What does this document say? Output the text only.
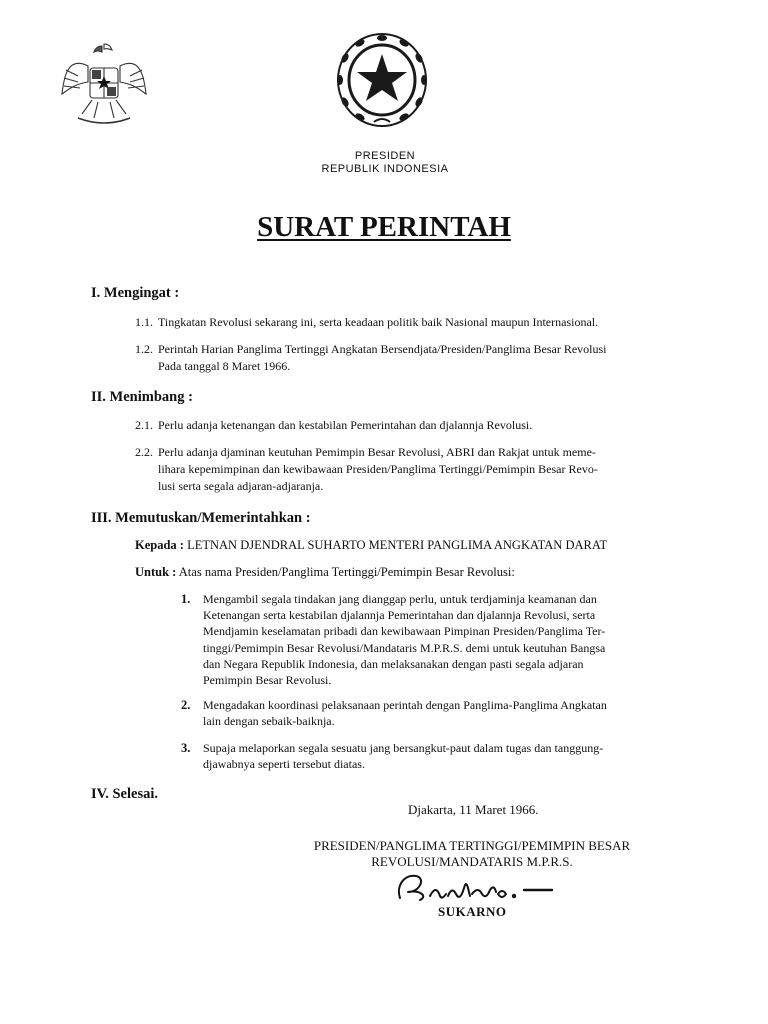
PRESIDEN
REPUBLIK INDONESIA
SURAT PERINTAH
I. Mengingat :
1.1. Tingkatan Revolusi sekarang ini, serta keadaan politik baik Nasional maupun Internasional.
1.2. Perintah Harian Panglima Tertinggi Angkatan Bersendjata/Presiden/Panglima Besar Revolusi
Pada tanggal 8 Maret 1966.
II. Menimbang :
2.1. Perlu adanja ketenangan dan kestabilan Pemerintahan dan djalannja Revolusi.
2.2. Perlu adanja djaminan keutuhan Pemimpin Besar Revolusi, ABRI dan Rakjat untuk meme-
lihara kepemimpinan dan kewibawaan Presiden/Panglima Tertinggi/Pemimpin Besar Revo-
lusi serta segala adjaran-adjaranja.
III. Memutuskan/Memerintahkan :
Kepada : LETNAN DJENDRAL SUHARTO MENTERI PANGLIMA ANGKATAN DARAT
Untuk : Atas nama Presiden/Panglima Tertinggi/Pemimpin Besar Revolusi:
1. Mengambil segala tindakan jang dianggap perlu, untuk terdjaminja keamanan dan
Ketenangan serta kestabilan djalannja Pemerintahan dan djalannja Revolusi, serta
Mendjamin keselamatan pribadi dan kewibawaan Pimpinan Presiden/Panglima Ter-
tinggi/Pemimpin Besar Revolusi/Mandataris M.P.R.S. demi untuk keutuhan Bangsa
dan Negara Republik Indonesia, dan melaksanakan dengan pasti segala adjaran
Pemimpin Besar Revolusi.
2. Mengadakan koordinasi pelaksanaan perintah dengan Panglima-Panglima Angkatan
lain dengan sebaik-baiknja.
3. Supaja melaporkan segala sesuatu jang bersangkut-paut dalam tugas dan tanggung-
djawabnya seperti tersebut diatas.
IV. Selesai.
Djakarta, 11 Maret 1966.
PRESIDEN/PANGLIMA TERTINGGI/PEMIMPIN BESAR
REVOLUSI/MANDATARIS M.P.R.S.
SUKARNO
